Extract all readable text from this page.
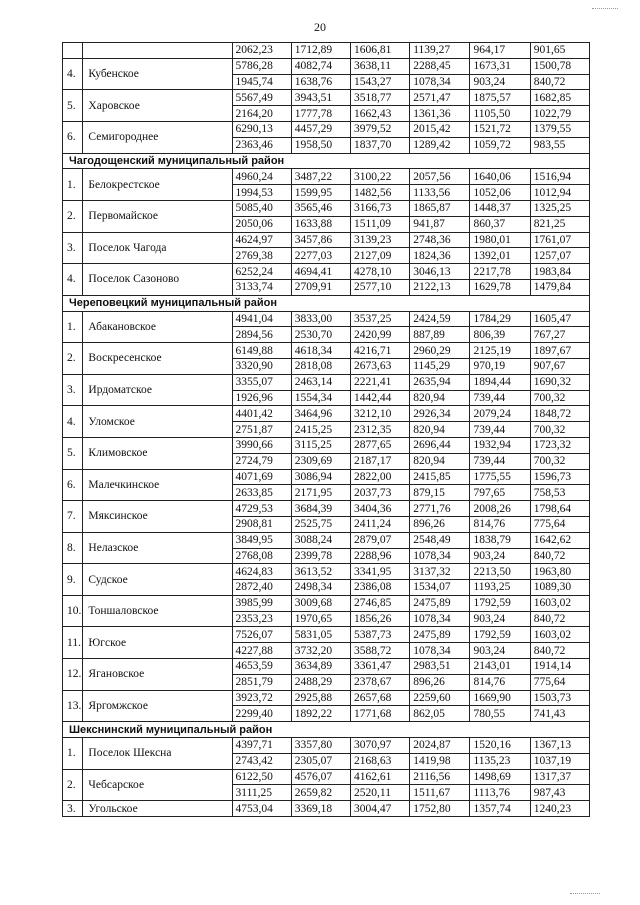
20
		2062,23	1712,89	1606,81	1139,27	964,17	901,65
4.	Кубенское	5786,28	4082,74	3638,11	2288,45	1673,31	1500,78
		1945,74	1638,76	1543,27	1078,34	903,24	840,72
5.	Харовское	5567,49	3943,51	3518,77	2571,47	1875,57	1682,85
		2164,20	1777,78	1662,43	1361,36	1105,50	1022,79
6.	Семигороднее	6290,13	4457,29	3979,52	2015,42	1521,72	1379,55
		2363,46	1958,50	1837,70	1289,42	1059,72	983,55
Чагодощенский муниципальный район							
1.	Белокрестское	4960,24	3487,22	3100,22	2057,56	1640,06	1516,94
		1994,53	1599,95	1482,56	1133,56	1052,06	1012,94
2.	Первомайское	5085,40	3565,46	3166,73	1865,87	1448,37	1325,25
		2050,06	1633,88	1511,09	941,87	860,37	821,25
3.	Поселок Чагода	4624,97	3457,86	3139,23	2748,36	1980,01	1761,07
		2769,38	2277,03	2127,09	1824,36	1392,01	1257,07
4.	Поселок Сазоново	6252,24	4694,41	4278,10	3046,13	2217,78	1983,84
		3133,74	2709,91	2577,10	2122,13	1629,78	1479,84
Череповецкий муниципальный район							
1.	Абакановское	4941,04	3833,00	3537,25	2424,59	1784,29	1605,47
		2894,56	2530,70	2420,99	887,89	806,39	767,27
2.	Воскресенское	6149,88	4618,34	4216,71	2960,29	2125,19	1897,67
		3320,90	2818,08	2673,63	1145,29	970,19	907,67
3.	Ирдоматское	3355,07	2463,14	2221,41	2635,94	1894,44	1690,32
		1926,96	1554,34	1442,44	820,94	739,44	700,32
4.	Уломское	4401,42	3464,96	3212,10	2926,34	2079,24	1848,72
		2751,87	2415,25	2312,35	820,94	739,44	700,32
5.	Климовское	3990,66	3115,25	2877,65	2696,44	1932,94	1723,32
		2724,79	2309,69	2187,17	820,94	739,44	700,32
6.	Малечкинское	4071,69	3086,94	2822,00	2415,85	1775,55	1596,73
		2633,85	2171,95	2037,73	879,15	797,65	758,53
7.	Мяксинское	4729,53	3684,39	3404,36	2771,76	2008,26	1798,64
		2908,81	2525,75	2411,24	896,26	814,76	775,64
8.	Нелазское	3849,95	3088,24	2879,07	2548,49	1838,79	1642,62
		2768,08	2399,78	2288,96	1078,34	903,24	840,72
9.	Судское	4624,83	3613,52	3341,95	3137,32	2213,50	1963,80
		2872,40	2498,34	2386,08	1534,07	1193,25	1089,30
10.	Тоншаловское	3985,99	3009,68	2746,85	2475,89	1792,59	1603,02
		2353,23	1970,65	1856,26	1078,34	903,24	840,72
11.	Югское	7526,07	5831,05	5387,73	2475,89	1792,59	1603,02
		4227,88	3732,20	3588,72	1078,34	903,24	840,72
12.	Ягановское	4653,59	3634,89	3361,47	2983,51	2143,01	1914,14
		2851,79	2488,29	2378,67	896,26	814,76	775,64
13.	Яргомжское	3923,72	2925,88	2657,68	2259,60	1669,90	1503,73
		2299,40	1892,22	1771,68	862,05	780,55	741,43
Шекснинский муниципальный район							
1.	Поселок Шексна	4397,71	3357,80	3070,97	2024,87	1520,16	1367,13
		2743,42	2305,07	2168,63	1419,98	1135,23	1037,19
2.	Чебсарское	6122,50	4576,07	4162,61	2116,56	1498,69	1317,37
		3111,25	2659,82	2520,11	1511,67	1113,76	987,43
3.	Угольское	4753,04	3369,18	3004,47	1752,80	1357,74	1240,23
